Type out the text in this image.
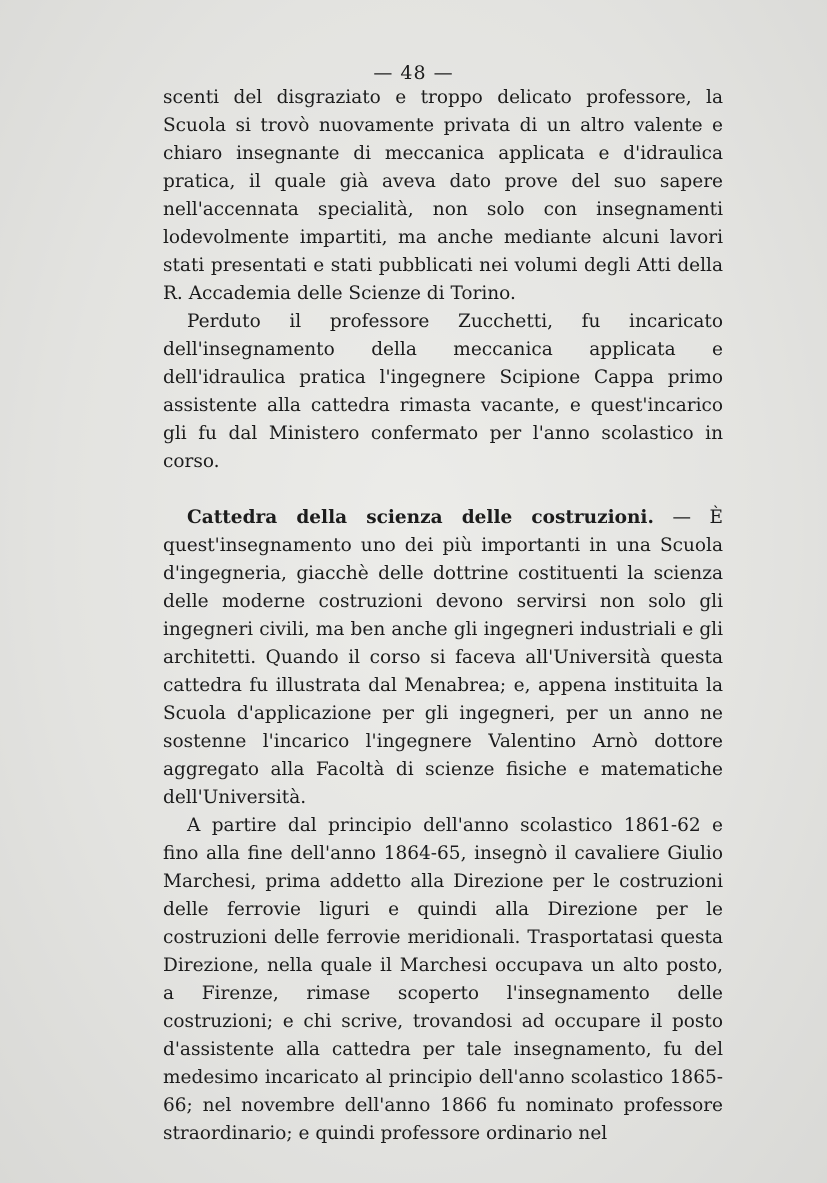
— 48 —

scenti del disgraziato e troppo delicato professore, la Scuola si trovò nuovamente privata di un altro valente e chiaro insegnante di meccanica applicata e d'idraulica pratica, il quale già aveva dato prove del suo sapere nell'accennata specialità, non solo con insegnamenti lodevolmente impartiti, ma anche mediante alcuni lavori stati presentati e stati pubblicati nei volumi degli Atti della R. Accademia delle Scienze di Torino.

Perduto il professore Zucchetti, fu incaricato dell'insegnamento della meccanica applicata e dell'idraulica pratica l'ingegnere Scipione Cappa primo assistente alla cattedra rimasta vacante, e quest'incarico gli fu dal Ministero confermato per l'anno scolastico in corso.

Cattedra della scienza delle costruzioni. — È quest'insegnamento uno dei più importanti in una Scuola d'ingegneria, giacchè delle dottrine costituenti la scienza delle moderne costruzioni devono servirsi non solo gli ingegneri civili, ma ben anche gli ingegneri industriali e gli architetti. Quando il corso si faceva all'Università questa cattedra fu illustrata dal Menabrea; e, appena instituita la Scuola d'applicazione per gli ingegneri, per un anno ne sostenne l'incarico l'ingegnere Valentino Arnò dottore aggregato alla Facoltà di scienze fisiche e matematiche dell'Università.

A partire dal principio dell'anno scolastico 1861-62 e fino alla fine dell'anno 1864-65, insegnò il cavaliere Giulio Marchesi, prima addetto alla Direzione per le costruzioni delle ferrovie liguri e quindi alla Direzione per le costruzioni delle ferrovie meridionali. Trasportatasi questa Direzione, nella quale il Marchesi occupava un alto posto, a Firenze, rimase scoperto l'insegnamento delle costruzioni; e chi scrive, trovandosi ad occupare il posto d'assistente alla cattedra per tale insegnamento, fu del medesimo incaricato al principio dell'anno scolastico 1865-66; nel novembre dell'anno 1866 fu nominato professore straordinario; e quindi professore ordinario nel
